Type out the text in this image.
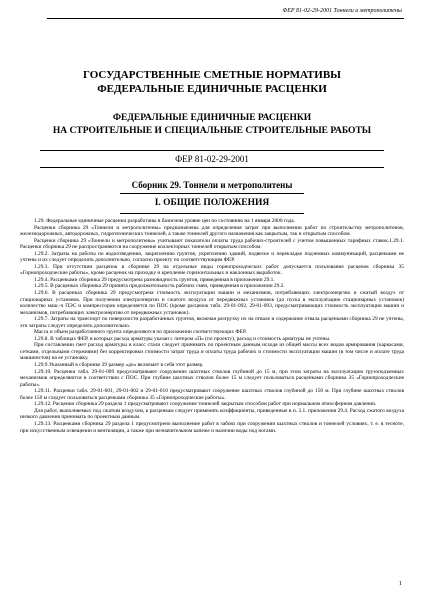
ФЕР 81-02-29-2001 Тоннели и метрополитены
ГОСУДАРСТВЕННЫЕ СМЕТНЫЕ НОРМАТИВЫ
ФЕДЕРАЛЬНЫЕ ЕДИНИЧНЫЕ РАСЦЕНКИ
ФЕДЕРАЛЬНЫЕ ЕДИНИЧНЫЕ РАСЦЕНКИ
НА СТРОИТЕЛЬНЫЕ И СПЕЦИАЛЬНЫЕ СТРОИТЕЛЬНЫЕ РАБОТЫ
ФЕР 81-02-29-2001
Сборник 29. Тоннели и метрополитены
I. ОБЩИЕ ПОЛОЖЕНИЯ

1.29. Федеральные единичные расценки разработаны в базисном уровне цен по состоянию на 1 января 2000 года.

Расценки сборника 29 «Тоннели и метрополитены» предназначены для определения затрат при выполнении работ по строительству метрополитенов, железнодорожных, автодорожных, гидротехнических тоннелей, а также тоннелей другого назначения как закрытым, так и открытым способом.

Расценки сборника 29 «Тоннели и метрополитены» учитывают показатели оплаты труда рабочих-строителей с учетом повышенных тарифных ставок.1.29.1. Расценки сборника 29 не распространяются на сооружение коллекторных тоннелей открытым способом.

1.29.2. Затраты на работы по водоотведению, закреплению грунтов, укреплению зданий, подвеске и перекладке подземных коммуникаций, расценками не учтены и их следует определять дополнительно, согласно проекту по соответствующим ФЕР.

1.29.3. При отсутствии расценок в сборнике 29 на отдельные виды горнопроходческих работ допускается пользование расценок сборника 35 «Горнопроходческие работы», кроме расценок на проходку и крепление горизонтальных и наклонных выработок.

1.29.4. Расценками сборника 29 предусмотрена разновидность грунтов, приведенная в приложении 29.1.

1.29.5. В расценках сборника 29 принята продолжительность рабочих смен, приведенная в приложении 29.2.

1.29.6. В расценках сборника 29 предусмотрена стоимость эксплуатации машин и механизмов, потребляющих электроэнергию и сжатый воздух от стационарных установок. При получении электроэнергии и сжатого воздуха от передвижных установок (до пуска в эксплуатацию стационарных установок) количество маш.-ч ПЭС и компрессоров определяется по ПОС (кроме расценок табл. 29-01-092, 29-01-093, предусматривающих стоимость эксплуатации машин и механизмов, потребляющих электроэнергию от передвижных установок).

1.29.7. Затраты на транспорт по поверхности разработанных грунтов, включая разгрузку их на отвале и содержание отвала расценками сборника 29 не учтены, эти затраты следует определять дополнительно.

Масса и объем разработанного грунта определяются по приложении соответствующих ФЕР.

1.29.8. В таблицах ФЕР, в которых расход арматуры указан с литером «П» (по проекту), расход и стоимость арматуры не учтены.

При составлении смет расход арматуры и класс стали следует принимать по проектным данным исходя из общей массы всех видов армирования (каркасами, сетками, отдельными стержнями) без корректировки стоимости затрат труда и оплаты труда рабочих и стоимости эксплуатации машин (в том числе и оплате труда машинистов) на ее установку.

1.29.9.Указанный в сборнике 29 размер «до» включает в себя этот размер.

1.29.10. Расценки табл. 29-01-009 предусматривают сооружение шахтных стволов глубиной до 15 м, при этом затраты на эксплуатацию грузоподъемных механизмов определяются в соответствии с ПОС. При глубине шахтных стволов более 15 м следует пользоваться расценками сборника 35 «Горнопроходческие работы».

1.29.11. Расценки табл. 29-01-001, 29-01-002 и 29-01-010 предусматривают сооружение шахтных стволов глубиной до 150 м. При глубине шахтных стволов более 150 м следует пользоваться расценками сборника 35 «Горнопроходческие работы».

1.29.12. Расценки сборника 29 раздела 1 предусматривают сооружение тоннелей закрытым способом работ при нормальном атмосферном давлении.

Для работ, выполняемых под сжатым воздухом, к расценкам следует применять коэффициенты, приведенные в п. 3.1. приложения 29.4. Расход сжатого воздуха низкого давления принимать по проектным данным.

1.29.13. Расценками сборника 29 раздела 1 предусмотрено выполнение работ в забоях при сооружении шахтных стволов и тоннелей условиях, т. е. в тесноте, при искусственным освещении и вентиляции, а также при незначительном капеже и наличии воды под ногами.

1
